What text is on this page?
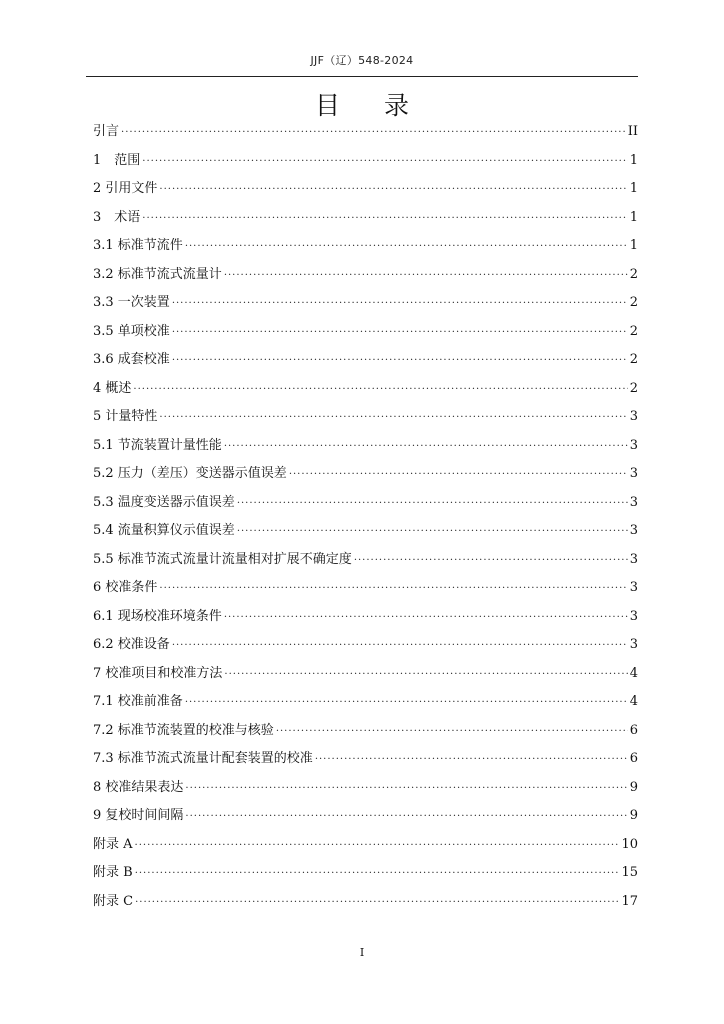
JJF（辽）548-2024
目录
引言 .....	II
1　范围 .....	1
2 引用文件 .....	1
3　术语 .....	1
3.1 标准节流件 .....	1
3.2 标准节流式流量计 .....	2
3.3 一次装置 .....	2
3.5 单项校准 .....	2
3.6 成套校准 .....	2
4 概述 .....	2
5 计量特性 .....	3
5.1 节流装置计量性能 .....	3
5.2 压力（差压）变送器示值误差 .....	3
5.3 温度变送器示值误差 .....	3
5.4 流量积算仪示值误差 .....	3
5.5 标准节流式流量计流量相对扩展不确定度 .....	3
6 校准条件 .....	3
6.1 现场校准环境条件 .....	3
6.2 校准设备 .....	3
7 校准项目和校准方法 .....	4
7.1 校准前准备 .....	4
7.2 标准节流装置的校准与核验 .....	6
7.3 标准节流式流量计配套装置的校准 .....	6
8 校准结果表达 .....	9
9 复校时间间隔 .....	9
附录 A .....	10
附录 B .....	15
附录 C .....	17
I
